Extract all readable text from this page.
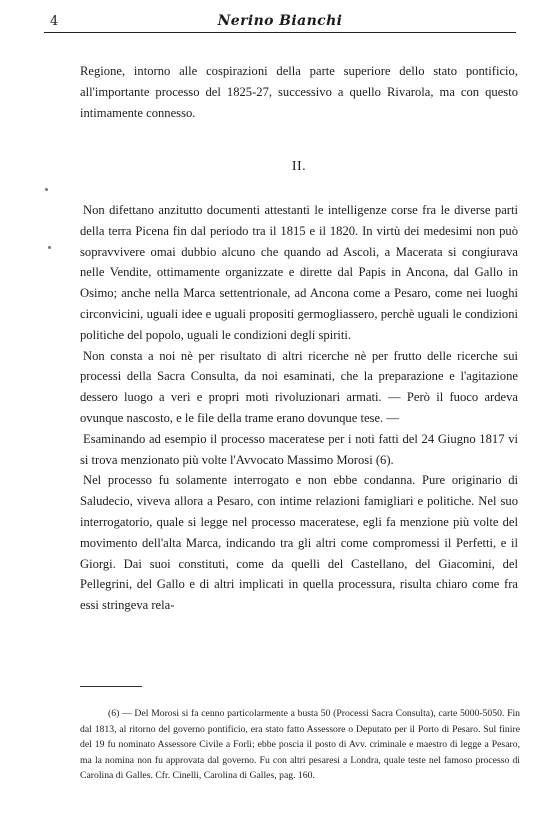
4	Nerino Bianchi

Regione, intorno alle cospirazioni della parte superiore dello stato pontificio, all'importante processo del 1825-27, successivo a quello Rivarola, ma con questo intimamente connesso.

II.

Non difettano anzitutto documenti attestanti le intelligenze corse fra le diverse parti della terra Picena fin dal periodo tra il 1815 e il 1820. In virtù dei medesimi non può sopravvivere omai dubbio alcuno che quando ad Ascoli, a Macerata si congiurava nelle Vendite, ottimamente organizzate e dirette dal Papis in Ancona, dal Gallo in Osimo; anche nella Marca settentrionale, ad Ancona come a Pesaro, come nei luoghi circonvicini, uguali idee e uguali propositi germogliassero, perchè uguali le condizioni politiche del popolo, uguali le condizioni degli spiriti.

Non consta a noi nè per risultato di altri ricerche nè per frutto delle ricerche sui processi della Sacra Consulta, da noi esaminati, che la preparazione e l'agitazione dessero luogo a veri e propri moti rivoluzionari armati. — Però il fuoco ardeva ovunque nascosto, e le file della trame erano dovunque tese. —

Esaminando ad esempio il processo maceratese per i noti fatti del 24 Giugno 1817 vi si trova menzionato più volte l'Avvocato Massimo Morosi (6).

Nel processo fu solamente interrogato e non ebbe condanna. Pure originario di Saludecio, viveva allora a Pesaro, con intime relazioni famigliari e politiche. Nel suo interrogatorio, quale si legge nel processo maceratese, egli fa menzione più volte del movimento dell'alta Marca, indicando tra gli altri come compromessi il Perfetti, e il Giorgi. Dai suoi constituti, come da quelli del Castellano, del Giacomini, del Pellegrini, del Gallo e di altri implicati in quella processura, risulta chiaro come fra essi stringeva rela-

(6) — Del Morosi si fa cenno particolarmente a busta 50 (Processi Sacra Consulta), carte 5000-5050. Fin dal 1813, al ritorno del governo pontificio, era stato fatto Assessore o Deputato per il Porto di Pesaro. Sul finire del 19 fu nominato Assessore Civile a Forlì; ebbe poscia il posto di Avv. criminale e maestro di legge a Pesaro, ma la nomina non fu approvata dal governo. Fu con altri pesaresi a Londra, quale teste nel famoso processo di Carolina di Galles. Cfr. Cinelli, Carolina di Galles, pag. 160.
